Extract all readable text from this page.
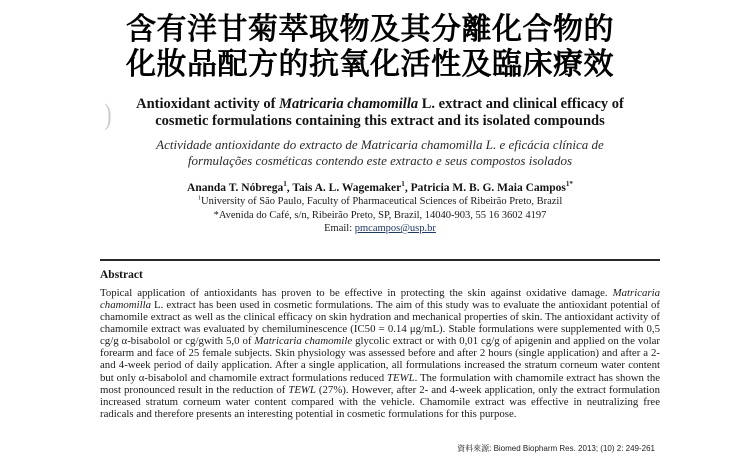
含有洋甘菊萃取物及其分離化合物的
化妝品配方的抗氧化活性及臨床療效
)	Antioxidant activity of Matricaria chamomilla L. extract and clinical efficacy of cosmetic formulations containing this extract and its isolated compounds
Actividade antioxidante do extracto de Matricaria chamomilla L. e eficácia clínica de formulações cosméticas contendo este extracto e seus compostos isolados
Ananda T. Nóbrega$^1$, Tais A. L. Wagemaker$^1$, Patricia M. B. G. Maia Campos$^{1*}$
$^1$University of São Paulo, Faculty of Pharmaceutical Sciences of Ribeirão Preto, Brazil
*Avenida do Café, s/n, Ribeirão Preto, SP, Brazil, 14040-903, 55 16 3602 4197
Email: pmcampos@usp.br
Abstract

Topical application of antioxidants has proven to be effective in protecting the skin against oxidative damage. Matricaria chamomilla L. extract has been used in cosmetic formulations. The aim of this study was to evaluate the antioxidant potential of chamomile extract as well as the clinical efficacy on skin hydration and mechanical properties of skin. The antioxidant activity of chamomile extract was evaluated by chemiluminescence (IC50 = 0.14 μg/mL). Stable formulations were supplemented with 0,5 cg/g α-bisabolol or cg/gwith 5,0 of Matricaria chamomile glycolic extract or with 0,01 cg/g of apigenin and applied on the volar forearm and face of 25 female subjects. Skin physiology was assessed before and after 2 hours (single application) and after a 2- and 4-week period of daily application. After a single application, all formulations increased the stratum corneum water content but only α-bisabolol and chamomile extract formulations reduced TEWL. The formulation with chamomile extract has shown the most pronounced result in the reduction of TEWL (27%). However, after 2- and 4-week application, only the extract formulation increased stratum corneum water content compared with the vehicle. Chamomile extract was effective in neutralizing free radicals and therefore presents an interesting potential in cosmetic formulations for this purpose.

資料來源: Biomed Biopharm Res. 2013; (10) 2: 249-261
